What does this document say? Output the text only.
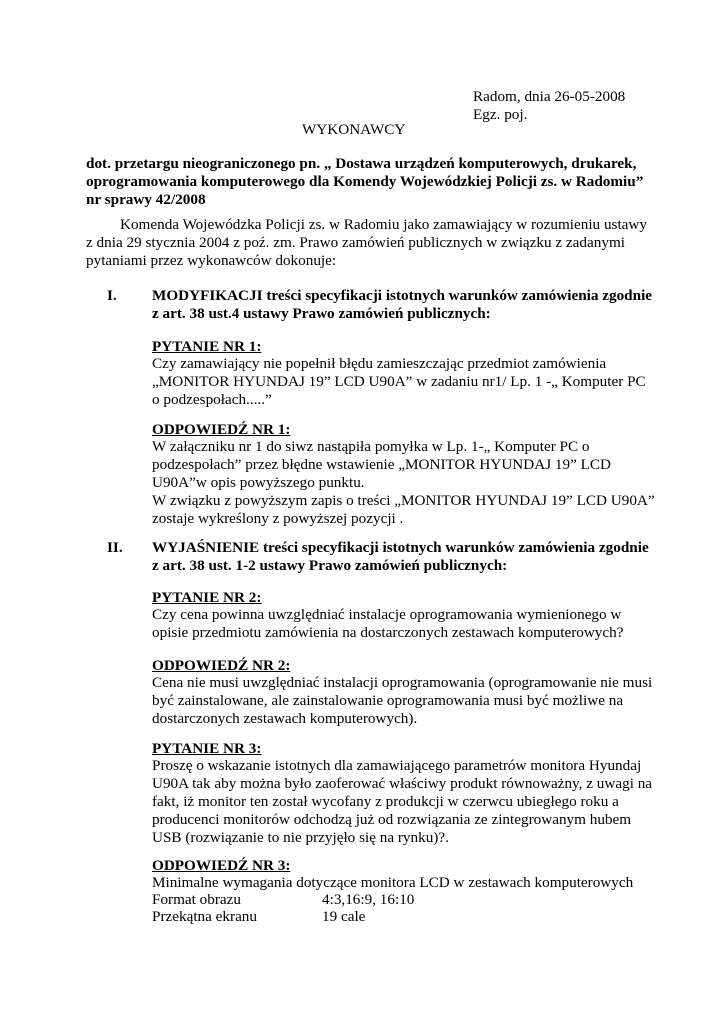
Radom, dnia 26-05-2008
Egz. poj.
WYKONAWCY
dot. przetargu nieograniczonego pn. „ Dostawa urządzeń komputerowych, drukarek,
oprogramowania komputerowego dla Komendy Wojewódzkiej Policji zs. w Radomiu”
nr sprawy 42/2008
Komenda Wojewódzka Policji zs. w Radomiu jako zamawiający w rozumieniu ustawy
z dnia 29 stycznia 2004 z poź. zm. Prawo zamówień publicznych w związku z zadanymi
pytaniami przez wykonawców dokonuje:
I. MODYFIKACJI treści specyfikacji istotnych warunków zamówienia zgodnie
z art. 38 ust.4 ustawy Prawo zamówień publicznych:
PYTANIE NR 1:
Czy zamawiający nie popełnił błędu zamieszczając przedmiot zamówienia
„MONITOR HYUNDAJ 19” LCD U90A” w zadaniu nr1/ Lp. 1 -„ Komputer PC
o podzespołach.....”
ODPOWIEDŹ NR 1:
W załączniku nr 1 do siwz nastąpiła pomyłka w Lp. 1-„ Komputer PC o
podzespołach” przez błędne wstawienie „MONITOR HYUNDAJ 19” LCD
U90A”w opis powyższego punktu.
W związku z powyższym zapis o treści „MONITOR HYUNDAJ 19” LCD U90A”
zostaje wykreślony z powyższej pozycji .
II. WYJAŚNIENIE treści specyfikacji istotnych warunków zamówienia zgodnie
z art. 38 ust. 1-2 ustawy Prawo zamówień publicznych:
PYTANIE NR 2:
Czy cena powinna uwzględniać instalacje oprogramowania wymienionego w
opisie przedmiotu zamówienia na dostarczonych zestawach komputerowych?
ODPOWIEDŹ NR 2:
Cena nie musi uwzględniać instalacji oprogramowania (oprogramowanie nie musi
być zainstalowane, ale zainstalowanie oprogramowania musi być możliwe na
dostarczonych zestawach komputerowych).
PYTANIE NR 3:
Proszę o wskazanie istotnych dla zamawiającego parametrów monitora Hyundaj
U90A tak aby można było zaoferować właściwy produkt równoważny, z uwagi na
fakt, iż monitor ten został wycofany z produkcji w czerwcu ubiegłego roku a
producenci monitorów odchodzą już od rozwiązania ze zintegrowanym hubem
USB (rozwiązanie to nie przyjęło się na rynku)?.
ODPOWIEDŹ NR 3:
Minimalne wymagania dotyczące monitora LCD w zestawach komputerowych
Format obrazu	4:3,16:9, 16:10
Przekątna ekranu	19 cale
